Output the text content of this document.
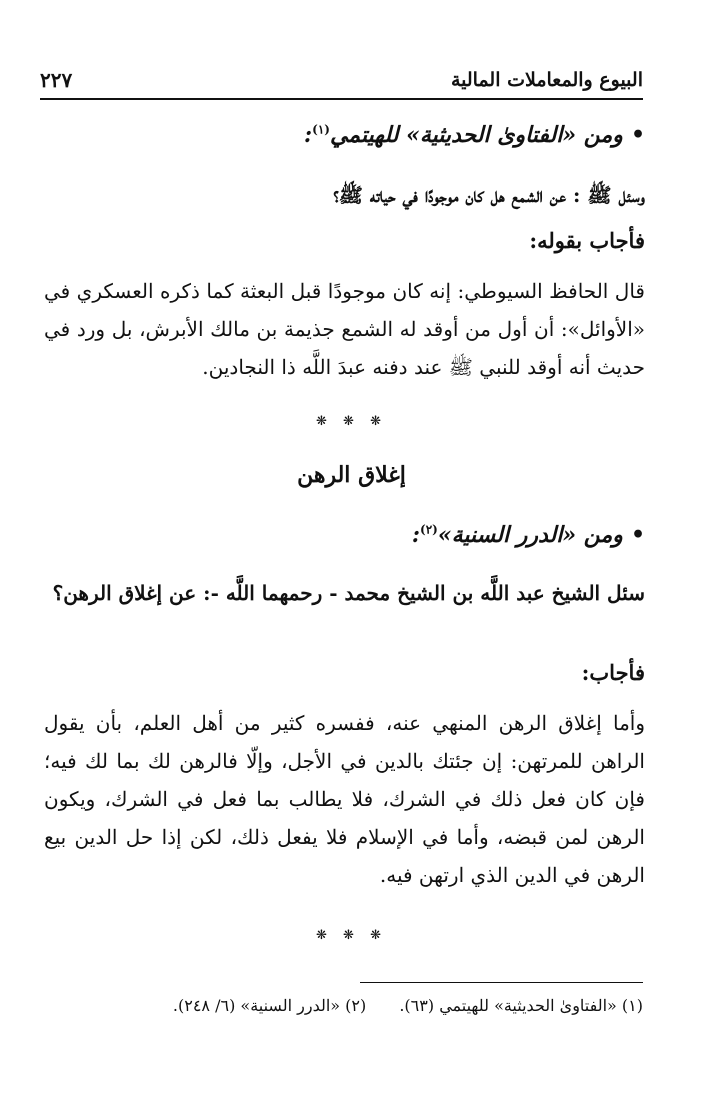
البيوع والمعاملات المالية
٢٢٧

•ومن «الفتاوىٰ الحديثية» للهيتمي$^{(١)}$:

وسئل ﷺ : عن الشمع هل كان موجودًا في حياته ﷺ؟

فأجاب بقوله:

قال الحافظ السيوطي: إنه كان موجودًا قبل البعثة كما ذكره العسكري في «الأوائل»: أن أول من أوقد له الشمع جذيمة بن مالك الأبرش، بل ورد في حديث أنه أوقد للنبي ﷺ عند دفنه عبدَ اللَّه ذا النجادين.

❋ ❋ ❋
إغلاق الرهن

•ومن «الدرر السنية»$^{(٢)}$:

سئل الشيخ عبد اللَّه بن الشيخ محمد - رحمهما اللَّه -: عن إغلاق الرهن؟

فأجاب:

وأما إغلاق الرهن المنهي عنه، ففسره كثير من أهل العلم، بأن يقول الراهن للمرتهن: إن جئتك بالدين في الأجل، وإلّا فالرهن لك بما لك فيه؛ فإن كان فعل ذلك في الشرك، فلا يطالب بما فعل في الشرك، ويكون الرهن لمن قبضه، وأما في الإسلام فلا يفعل ذلك، لكن إذا حل الدين بيع الرهن في الدين الذي ارتهن فيه.

❋ ❋ ❋
(١) «الفتاوىٰ الحديثية» للهيتمي (٦٣). (٢) «الدرر السنية» (٦/ ٢٤٨).
